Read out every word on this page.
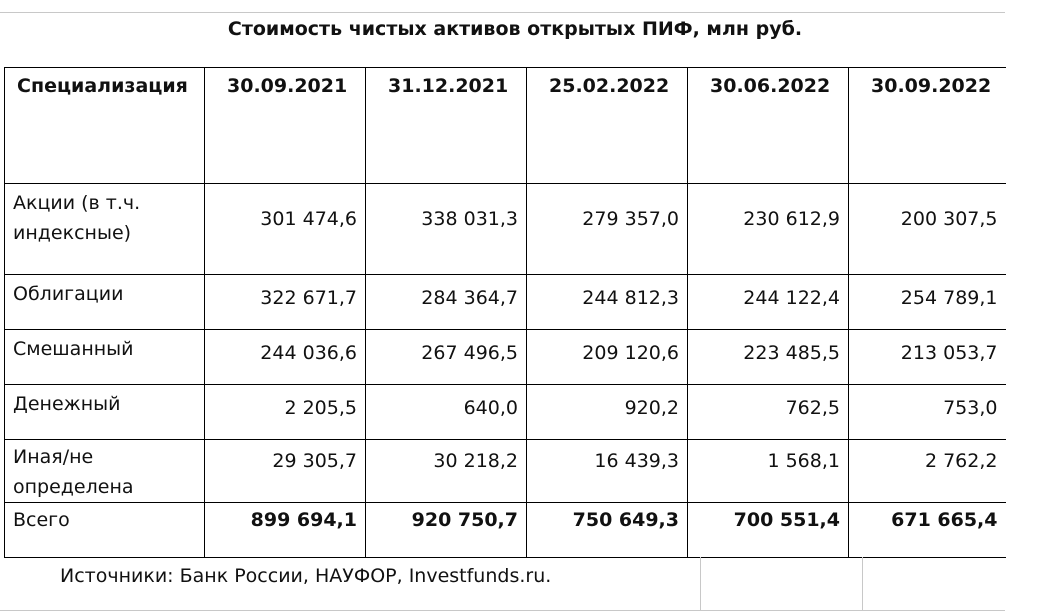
Стоимость чистых активов открытых ПИФ, млн руб.
Специализация	30.09.2021	31.12.2021	25.02.2022	30.06.2022	30.09.2022
Акции (в т.ч. индексные)	301 474,6	338 031,3	279 357,0	230 612,9	200 307,5
Облигации	322 671,7	284 364,7	244 812,3	244 122,4	254 789,1
Смешанный	244 036,6	267 496,5	209 120,6	223 485,5	213 053,7
Денежный	2 205,5	640,0	920,2	762,5	753,0
Иная/не определена	29 305,7	30 218,2	16 439,3	1 568,1	2 762,2
Всего	899 694,1	920 750,7	750 649,3	700 551,4	671 665,4
Источники: Банк России, НАУФОР, Investfunds.ru.
